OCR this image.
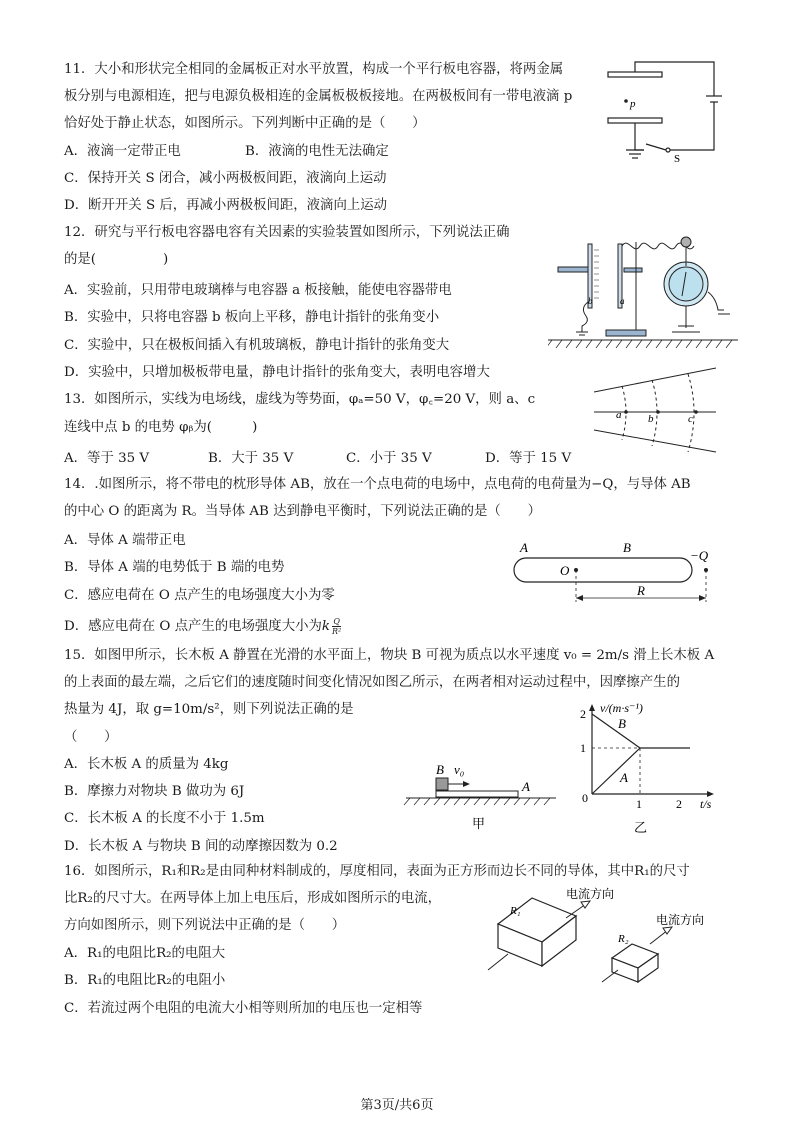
11．大小和形状完全相同的金属板正对水平放置，构成一个平行板电容器，将两金属
板分别与电源相连，把与电源负极相连的金属板极板接地。在两极板间有一带电液滴 p
恰好处于静止状态，如图所示。下列判断中正确的是（　　）
A．液滴一定带正电	B．液滴的电性无法确定
C．保持开关 S 闭合，减小两极板间距，液滴向上运动
D．断开开关 S 后，再减小两极板间距，液滴向上运动
p
S
12．研究与平行板电容器电容有关因素的实验装置如图所示，下列说法正确
的是(　　　　　)
A．实验前，只用带电玻璃棒与电容器 a 板接触，能使电容器带电
B．实验中，只将电容器 b 板向上平移，静电计指针的张角变小
C．实验中，只在极板间插入有机玻璃板，静电计指针的张角变大
D．实验中，只增加极板带电量，静电计指针的张角变大，表明电容增大
b	a
13．如图所示，实线为电场线，虚线为等势面，φₐ=50 V，φ꜀=20 V，则 a、c
连线中点 b 的电势 φᵦ为(　　　)
A．等于 35 V	B．大于 35 V	C．小于 35 V	D．等于 15 V
a b	c
14．.如图所示，将不带电的枕形导体 AB，放在一个点电荷的电场中，点电荷的电荷量为−Q，与导体 AB
的中心 O 的距离为 R。当导体 AB 达到静电平衡时，下列说法正确的是（　　）
A．导体 A 端带正电
B．导体 A 端的电势低于 B 端的电势
C．感应电荷在 O 点产生的电场强度大小为零
D．感应电荷在 O 点产生的电场强度大小为k $\frac{Q}{\text{R²}}$
A	B
O
−Q
R
15．如图甲所示，长木板 A 静置在光滑的水平面上，物块 B 可视为质点以水平速度 v₀ = 2m/s 滑上长木板 A
的上表面的最左端，之后它们的速度随时间变化情况如图乙所示，在两者相对运动过程中，因摩擦产生的
热量为 4J，取 g=10m/s²，则下列说法正确的是
（　　）
A．长木板 A 的质量为 4kg
B．摩擦力对物块 B 做功为 6J
C．长木板 A 的长度不小于 1.5m
D．长木板 A 与物块 B 间的动摩擦因数为 0.2
B v₀
A
甲
v/(m·s⁻¹)
t/s
2
1
0	1	2
B
A
乙
16．如图所示，R₁和R₂是由同种材料制成的，厚度相同，表面为正方形而边长不同的导体，其中R₁的尺寸
比R₂的尺寸大。在两导体上加上电压后，形成如图所示的电流，
方向如图所示，则下列说法中正确的是（　　）
A．R₁的电阻比R₂的电阻大
B．R₁的电阻比R₂的电阻小
C．若流过两个电阻的电流大小相等则所加的电压也一定相等
R₁
R₂
电流方向
电流方向
第3页/共6页
